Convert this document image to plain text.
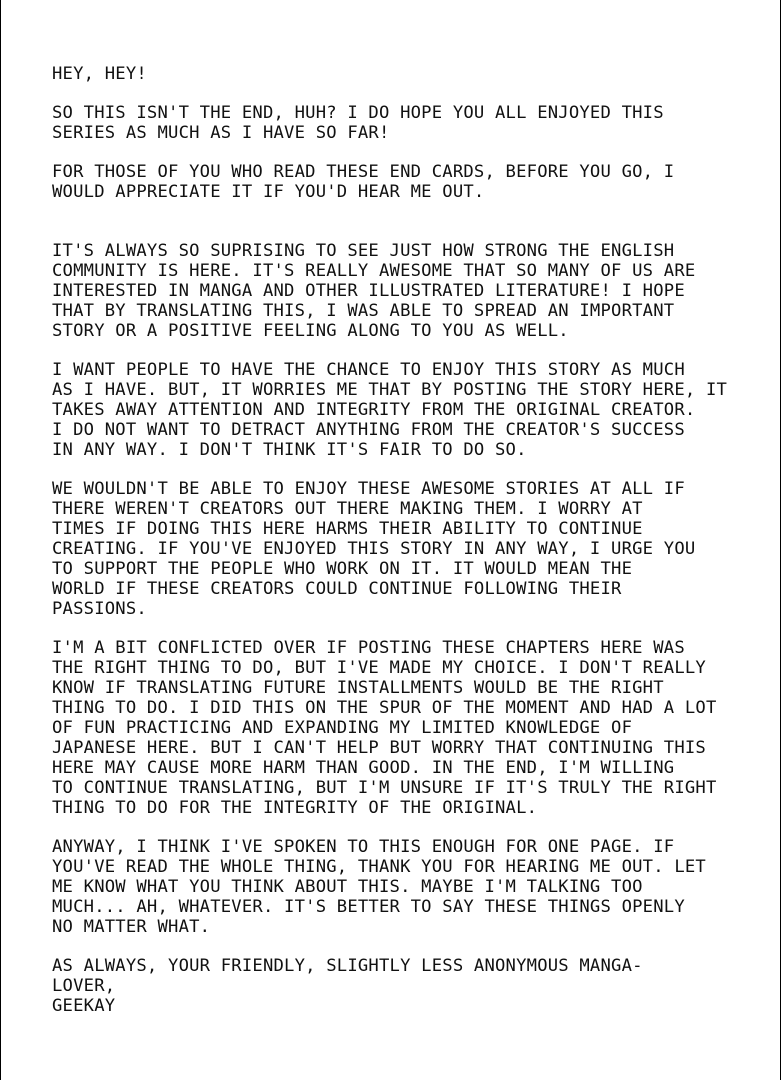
HEY, HEY!

SO THIS ISN'T THE END, HUH? I DO HOPE YOU ALL ENJOYED THIS
SERIES AS MUCH AS I HAVE SO FAR!

FOR THOSE OF YOU WHO READ THESE END CARDS, BEFORE YOU GO, I
WOULD APPRECIATE IT IF YOU'D HEAR ME OUT.

IT'S ALWAYS SO SUPRISING TO SEE JUST HOW STRONG THE ENGLISH
COMMUNITY IS HERE. IT'S REALLY AWESOME THAT SO MANY OF US ARE
INTERESTED IN MANGA AND OTHER ILLUSTRATED LITERATURE! I HOPE
THAT BY TRANSLATING THIS, I WAS ABLE TO SPREAD AN IMPORTANT
STORY OR A POSITIVE FEELING ALONG TO YOU AS WELL.

I WANT PEOPLE TO HAVE THE CHANCE TO ENJOY THIS STORY AS MUCH
AS I HAVE. BUT, IT WORRIES ME THAT BY POSTING THE STORY HERE, IT
TAKES AWAY ATTENTION AND INTEGRITY FROM THE ORIGINAL CREATOR.
I DO NOT WANT TO DETRACT ANYTHING FROM THE CREATOR'S SUCCESS
IN ANY WAY. I DON'T THINK IT'S FAIR TO DO SO.

WE WOULDN'T BE ABLE TO ENJOY THESE AWESOME STORIES AT ALL IF
THERE WEREN'T CREATORS OUT THERE MAKING THEM. I WORRY AT
TIMES IF DOING THIS HERE HARMS THEIR ABILITY TO CONTINUE
CREATING. IF YOU'VE ENJOYED THIS STORY IN ANY WAY, I URGE YOU
TO SUPPORT THE PEOPLE WHO WORK ON IT. IT WOULD MEAN THE
WORLD IF THESE CREATORS COULD CONTINUE FOLLOWING THEIR
PASSIONS.

I'M A BIT CONFLICTED OVER IF POSTING THESE CHAPTERS HERE WAS
THE RIGHT THING TO DO, BUT I'VE MADE MY CHOICE. I DON'T REALLY
KNOW IF TRANSLATING FUTURE INSTALLMENTS WOULD BE THE RIGHT
THING TO DO. I DID THIS ON THE SPUR OF THE MOMENT AND HAD A LOT
OF FUN PRACTICING AND EXPANDING MY LIMITED KNOWLEDGE OF
JAPANESE HERE. BUT I CAN'T HELP BUT WORRY THAT CONTINUING THIS
HERE MAY CAUSE MORE HARM THAN GOOD. IN THE END, I'M WILLING
TO CONTINUE TRANSLATING, BUT I'M UNSURE IF IT'S TRULY THE RIGHT
THING TO DO FOR THE INTEGRITY OF THE ORIGINAL.

ANYWAY, I THINK I'VE SPOKEN TO THIS ENOUGH FOR ONE PAGE. IF
YOU'VE READ THE WHOLE THING, THANK YOU FOR HEARING ME OUT. LET
ME KNOW WHAT YOU THINK ABOUT THIS. MAYBE I'M TALKING TOO
MUCH... AH, WHATEVER. IT'S BETTER TO SAY THESE THINGS OPENLY
NO MATTER WHAT.

AS ALWAYS, YOUR FRIENDLY, SLIGHTLY LESS ANONYMOUS MANGA-
LOVER,

GEEKAY
